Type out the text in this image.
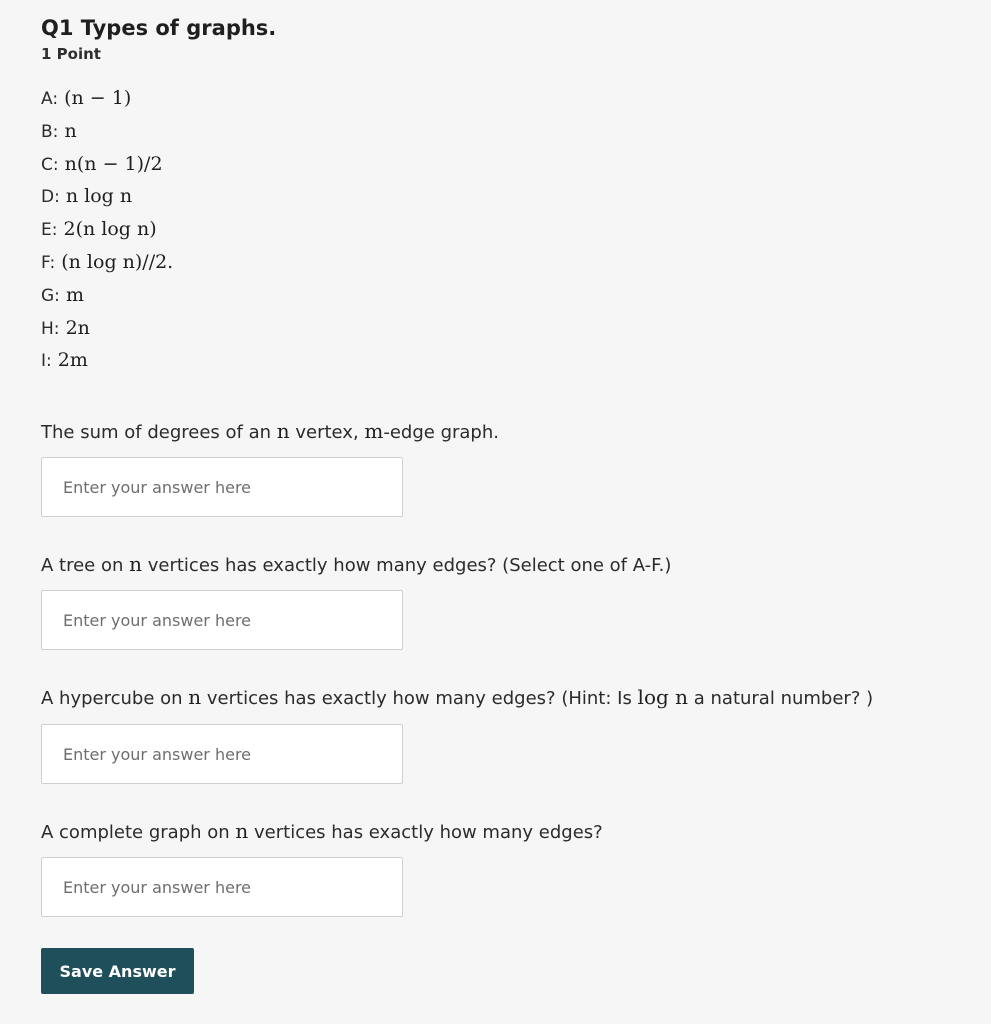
Q1 Types of graphs.
1 Point
A: (n − 1)
B: n
C: n(n − 1)/2
D: n log n
E: 2(n log n)
F: (n log n)//2.
G: m
H: 2n
I: 2m
The sum of degrees of an n vertex, m-edge graph.
Enter your answer here
A tree on n vertices has exactly how many edges? (Select one of A-F.)
Enter your answer here
A hypercube on n vertices has exactly how many edges? (Hint: Is log n a natural number? )
Enter your answer here
A complete graph on n vertices has exactly how many edges?
Enter your answer here
Save Answer
